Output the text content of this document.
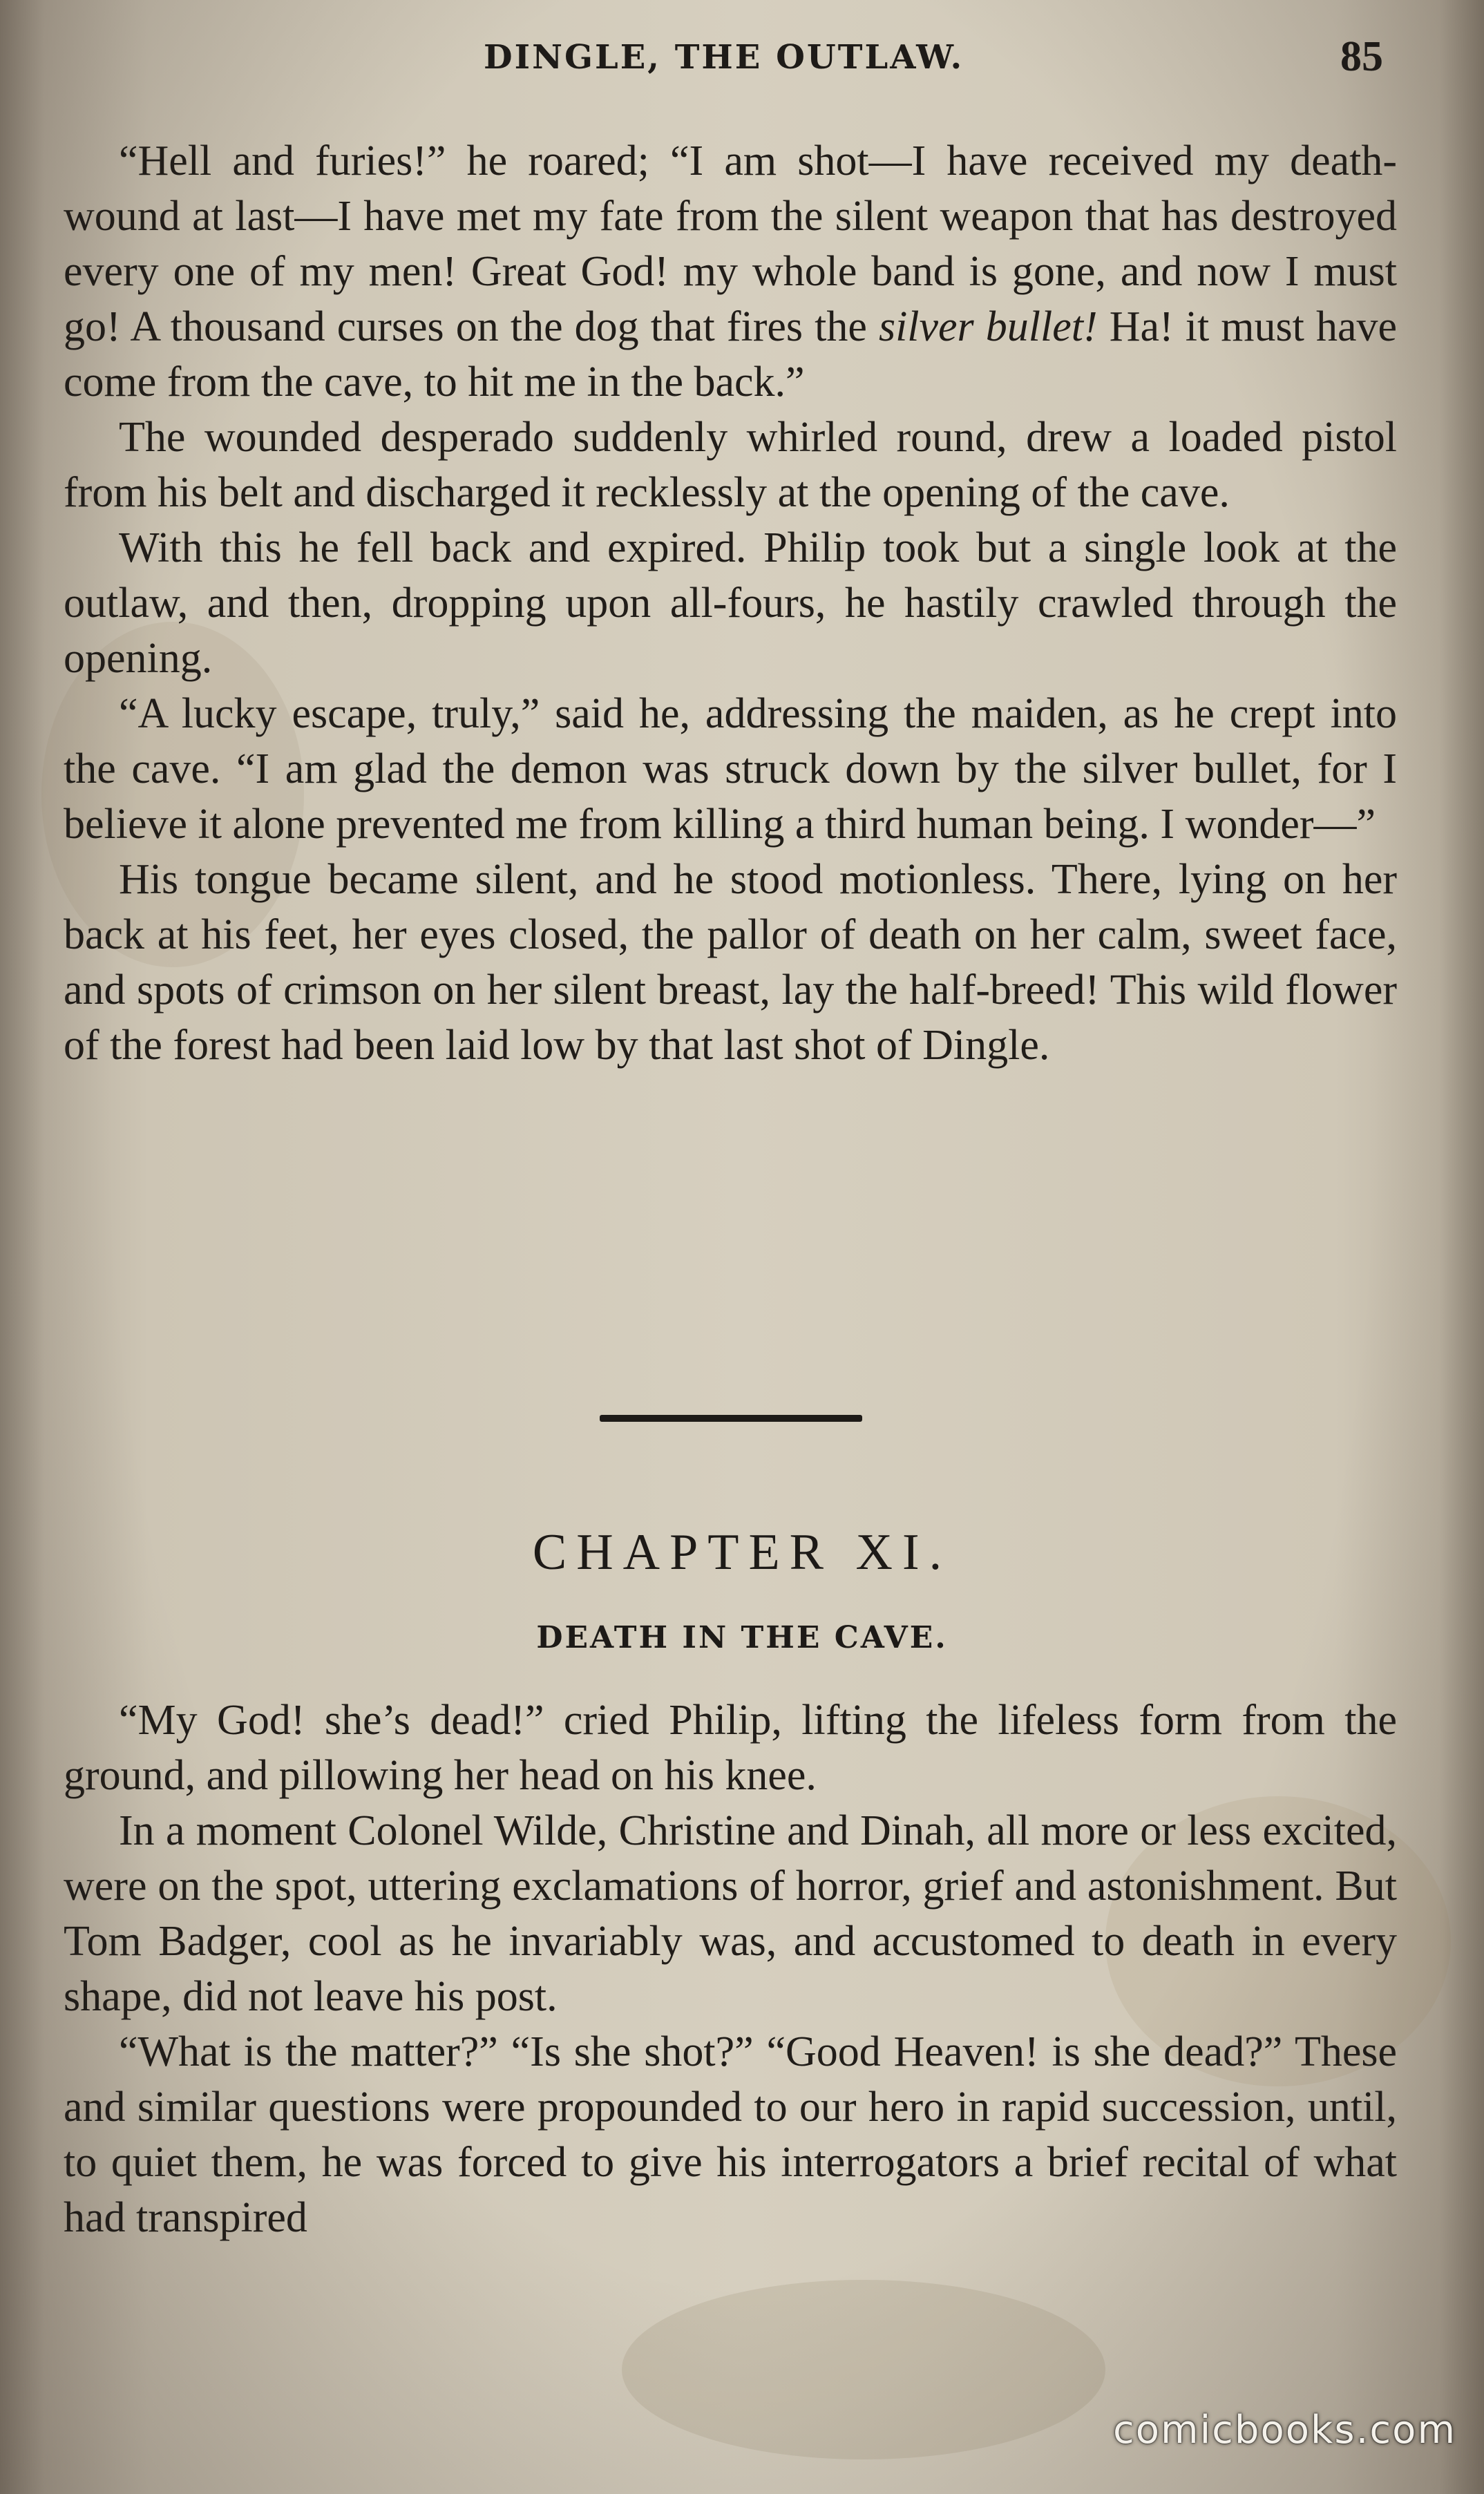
DINGLE, THE OUTLAW.	85

“Hell and furies!” he roared; “I am shot—I have received my death-wound at last—I have met my fate from the silent weapon that has destroyed every one of my men! Great God! my whole band is gone, and now I must go! A thousand curses on the dog that fires the silver bullet! Ha! it must have come from the cave, to hit me in the back.”

The wounded desperado suddenly whirled round, drew a loaded pistol from his belt and discharged it recklessly at the opening of the cave.

With this he fell back and expired. Philip took but a single look at the outlaw, and then, dropping upon all-fours, he hastily crawled through the opening.

“A lucky escape, truly,” said he, addressing the maiden, as he crept into the cave. “I am glad the demon was struck down by the silver bullet, for I believe it alone prevented me from killing a third human being. I wonder—”

His tongue became silent, and he stood motionless. There, lying on her back at his feet, her eyes closed, the pallor of death on her calm, sweet face, and spots of crimson on her silent breast, lay the half-breed! This wild flower of the forest had been laid low by that last shot of Dingle.

CHAPTER XI.
DEATH IN THE CAVE.

“My God! she’s dead!” cried Philip, lifting the lifeless form from the ground, and pillowing her head on his knee.

In a moment Colonel Wilde, Christine and Dinah, all more or less excited, were on the spot, uttering exclamations of horror, grief and astonishment. But Tom Badger, cool as he invariably was, and accustomed to death in every shape, did not leave his post.

“What is the matter?” “Is she shot?” “Good Heaven! is she dead?” These and similar questions were propounded to our hero in rapid succession, until, to quiet them, he was forced to give his interrogators a brief recital of what had transpired

comicbooks.com
